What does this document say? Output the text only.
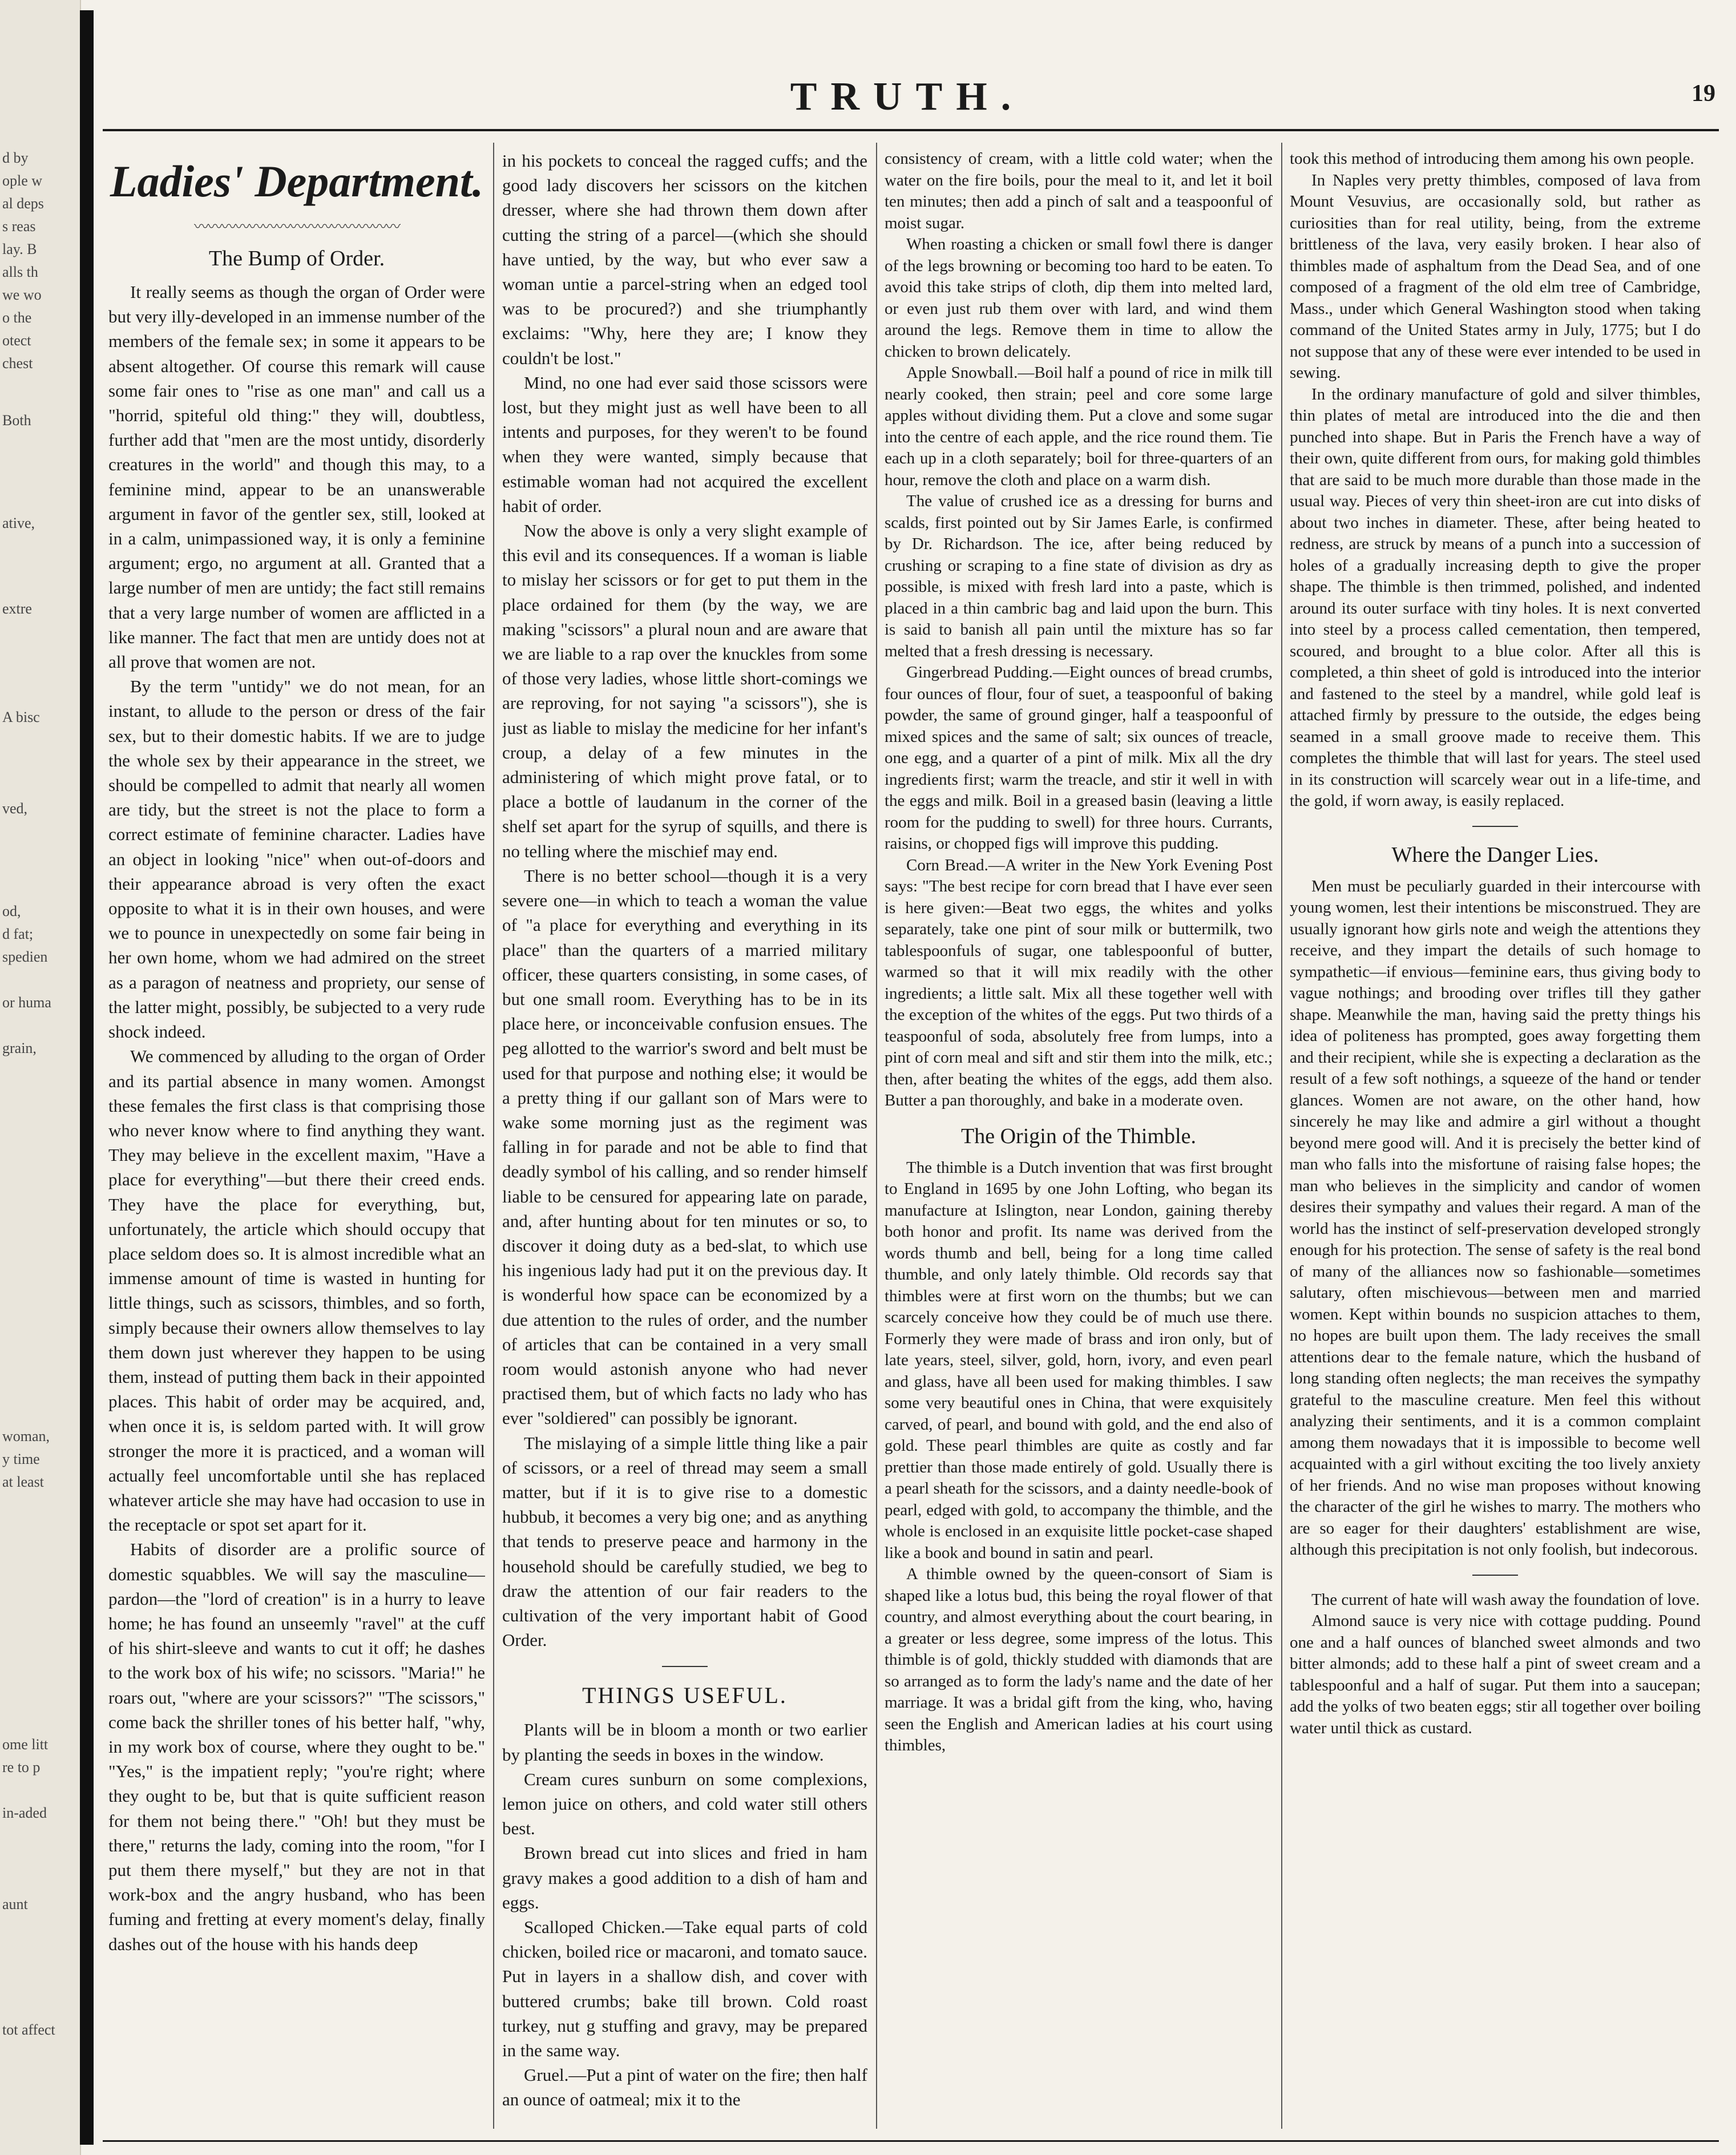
d by
ople w
al deps
s reas
lay. B
alls th
we wo
o the
otect
chest
Both
ative,
extre
A bisc
ved,
od,
d fat;
spedien
or huma
grain,
woman,
y time
at least
ome litt
re to p
in-aded
aunt
tot affect
TRUTH.	19
Ladies' Department.
〰〰〰〰〰〰〰〰〰〰〰〰〰〰〰
The Bump of Order.

It really seems as though the organ of Order were but very illy-developed in an immense number of the members of the female sex; in some it appears to be absent altogether. Of course this remark will cause some fair ones to "rise as one man" and call us a "horrid, spiteful old thing:" they will, doubtless, further add that "men are the most untidy, disorderly creatures in the world" and though this may, to a feminine mind, appear to be an unanswerable argument in favor of the gentler sex, still, looked at in a calm, unimpassioned way, it is only a feminine argument; ergo, no argument at all. Granted that a large number of men are untidy; the fact still remains that a very large number of women are afflicted in a like manner. The fact that men are untidy does not at all prove that women are not.

By the term "untidy" we do not mean, for an instant, to allude to the person or dress of the fair sex, but to their domestic habits. If we are to judge the whole sex by their appearance in the street, we should be compelled to admit that nearly all women are tidy, but the street is not the place to form a correct estimate of feminine character. Ladies have an object in looking "nice" when out-of-doors and their appearance abroad is very often the exact opposite to what it is in their own houses, and were we to pounce in unexpectedly on some fair being in her own home, whom we had admired on the street as a paragon of neatness and propriety, our sense of the latter might, possibly, be subjected to a very rude shock indeed.

We commenced by alluding to the organ of Order and its partial absence in many women. Amongst these females the first class is that comprising those who never know where to find anything they want. They may believe in the excellent maxim, "Have a place for everything"—but there their creed ends. They have the place for everything, but, unfortunately, the article which should occupy that place seldom does so. It is almost incredible what an immense amount of time is wasted in hunting for little things, such as scissors, thimbles, and so forth, simply because their owners allow themselves to lay them down just wherever they happen to be using them, instead of putting them back in their appointed places. This habit of order may be acquired, and, when once it is, is seldom parted with. It will grow stronger the more it is practiced, and a woman will actually feel uncomfortable until she has replaced whatever article she may have had occasion to use in the receptacle or spot set apart for it.

Habits of disorder are a prolific source of domestic squabbles. We will say the masculine—pardon—the "lord of creation" is in a hurry to leave home; he has found an unseemly "ravel" at the cuff of his shirt-sleeve and wants to cut it off; he dashes to the work box of his wife; no scissors. "Maria!" he roars out, "where are your scissors?" "The scissors," come back the shriller tones of his better half, "why, in my work box of course, where they ought to be." "Yes," is the impatient reply; "you're right; where they ought to be, but that is quite sufficient reason for them not being there." "Oh! but they must be there," returns the lady, coming into the room, "for I put them there myself," but they are not in that work-box and the angry husband, who has been fuming and fretting at every moment's delay, finally dashes out of the house with his hands deep

in his pockets to conceal the ragged cuffs; and the good lady discovers her scissors on the kitchen dresser, where she had thrown them down after cutting the string of a parcel—(which she should have untied, by the way, but who ever saw a woman untie a parcel-string when an edged tool was to be procured?) and she triumphantly exclaims: "Why, here they are; I know they couldn't be lost."

Mind, no one had ever said those scissors were lost, but they might just as well have been to all intents and purposes, for they weren't to be found when they were wanted, simply because that estimable woman had not acquired the excellent habit of order.

Now the above is only a very slight example of this evil and its consequences. If a woman is liable to mislay her scissors or for get to put them in the place ordained for them (by the way, we are making "scissors" a plural noun and are aware that we are liable to a rap over the knuckles from some of those very ladies, whose little short-comings we are reproving, for not saying "a scissors"), she is just as liable to mislay the medicine for her infant's croup, a delay of a few minutes in the administering of which might prove fatal, or to place a bottle of laudanum in the corner of the shelf set apart for the syrup of squills, and there is no telling where the mischief may end.

There is no better school—though it is a very severe one—in which to teach a woman the value of "a place for everything and everything in its place" than the quarters of a married military officer, these quarters consisting, in some cases, of but one small room. Everything has to be in its place here, or inconceivable confusion ensues. The peg allotted to the warrior's sword and belt must be used for that purpose and nothing else; it would be a pretty thing if our gallant son of Mars were to wake some morning just as the regiment was falling in for parade and not be able to find that deadly symbol of his calling, and so render himself liable to be censured for appearing late on parade, and, after hunting about for ten minutes or so, to discover it doing duty as a bed-slat, to which use his ingenious lady had put it on the previous day. It is wonderful how space can be economized by a due attention to the rules of order, and the number of articles that can be contained in a very small room would astonish anyone who had never practised them, but of which facts no lady who has ever "soldiered" can possibly be ignorant.

The mislaying of a simple little thing like a pair of scissors, or a reel of thread may seem a small matter, but if it is to give rise to a domestic hubbub, it becomes a very big one; and as anything that tends to preserve peace and harmony in the household should be carefully studied, we beg to draw the attention of our fair readers to the cultivation of the very important habit of Good Order.

THINGS USEFUL.

Plants will be in bloom a month or two earlier by planting the seeds in boxes in the window.

Cream cures sunburn on some complexions, lemon juice on others, and cold water still others best.

Brown bread cut into slices and fried in ham gravy makes a good addition to a dish of ham and eggs.

Scalloped Chicken.—Take equal parts of cold chicken, boiled rice or macaroni, and tomato sauce. Put in layers in a shallow dish, and cover with buttered crumbs; bake till brown. Cold roast turkey, nut g stuffing and gravy, may be prepared in the same way.

Gruel.—Put a pint of water on the fire; then half an ounce of oatmeal; mix it to the

consistency of cream, with a little cold water; when the water on the fire boils, pour the meal to it, and let it boil ten minutes; then add a pinch of salt and a teaspoonful of moist sugar.

When roasting a chicken or small fowl there is danger of the legs browning or becoming too hard to be eaten. To avoid this take strips of cloth, dip them into melted lard, or even just rub them over with lard, and wind them around the legs. Remove them in time to allow the chicken to brown delicately.

Apple Snowball.—Boil half a pound of rice in milk till nearly cooked, then strain; peel and core some large apples without dividing them. Put a clove and some sugar into the centre of each apple, and the rice round them. Tie each up in a cloth separately; boil for three-quarters of an hour, remove the cloth and place on a warm dish.

The value of crushed ice as a dressing for burns and scalds, first pointed out by Sir James Earle, is confirmed by Dr. Richardson. The ice, after being reduced by crushing or scraping to a fine state of division as dry as possible, is mixed with fresh lard into a paste, which is placed in a thin cambric bag and laid upon the burn. This is said to banish all pain until the mixture has so far melted that a fresh dressing is necessary.

Gingerbread Pudding.—Eight ounces of bread crumbs, four ounces of flour, four of suet, a teaspoonful of baking powder, the same of ground ginger, half a teaspoonful of mixed spices and the same of salt; six ounces of treacle, one egg, and a quarter of a pint of milk. Mix all the dry ingredients first; warm the treacle, and stir it well in with the eggs and milk. Boil in a greased basin (leaving a little room for the pudding to swell) for three hours. Currants, raisins, or chopped figs will improve this pudding.

Corn Bread.—A writer in the New York Evening Post says: "The best recipe for corn bread that I have ever seen is here given:—Beat two eggs, the whites and yolks separately, take one pint of sour milk or buttermilk, two tablespoonfuls of sugar, one tablespoonful of butter, warmed so that it will mix readily with the other ingredients; a little salt. Mix all these together well with the exception of the whites of the eggs. Put two thirds of a teaspoonful of soda, absolutely free from lumps, into a pint of corn meal and sift and stir them into the milk, etc.; then, after beating the whites of the eggs, add them also. Butter a pan thoroughly, and bake in a moderate oven.

The Origin of the Thimble.

The thimble is a Dutch invention that was first brought to England in 1695 by one John Lofting, who began its manufacture at Islington, near London, gaining thereby both honor and profit. Its name was derived from the words thumb and bell, being for a long time called thumble, and only lately thimble. Old records say that thimbles were at first worn on the thumbs; but we can scarcely conceive how they could be of much use there. Formerly they were made of brass and iron only, but of late years, steel, silver, gold, horn, ivory, and even pearl and glass, have all been used for making thimbles. I saw some very beautiful ones in China, that were exquisitely carved, of pearl, and bound with gold, and the end also of gold. These pearl thimbles are quite as costly and far prettier than those made entirely of gold. Usually there is a pearl sheath for the scissors, and a dainty needle-book of pearl, edged with gold, to accompany the thimble, and the whole is enclosed in an exquisite little pocket-case shaped like a book and bound in satin and pearl.

A thimble owned by the queen-consort of Siam is shaped like a lotus bud, this being the royal flower of that country, and almost everything about the court bearing, in a greater or less degree, some impress of the lotus. This thimble is of gold, thickly studded with diamonds that are so arranged as to form the lady's name and the date of her marriage. It was a bridal gift from the king, who, having seen the English and American ladies at his court using thimbles,

took this method of introducing them among his own people.

In Naples very pretty thimbles, composed of lava from Mount Vesuvius, are occasionally sold, but rather as curiosities than for real utility, being, from the extreme brittleness of the lava, very easily broken. I hear also of thimbles made of asphaltum from the Dead Sea, and of one composed of a fragment of the old elm tree of Cambridge, Mass., under which General Washington stood when taking command of the United States army in July, 1775; but I do not suppose that any of these were ever intended to be used in sewing.

In the ordinary manufacture of gold and silver thimbles, thin plates of metal are introduced into the die and then punched into shape. But in Paris the French have a way of their own, quite different from ours, for making gold thimbles that are said to be much more durable than those made in the usual way. Pieces of very thin sheet-iron are cut into disks of about two inches in diameter. These, after being heated to redness, are struck by means of a punch into a succession of holes of a gradually increasing depth to give the proper shape. The thimble is then trimmed, polished, and indented around its outer surface with tiny holes. It is next converted into steel by a process called cementation, then tempered, scoured, and brought to a blue color. After all this is completed, a thin sheet of gold is introduced into the interior and fastened to the steel by a mandrel, while gold leaf is attached firmly by pressure to the outside, the edges being seamed in a small groove made to receive them. This completes the thimble that will last for years. The steel used in its construction will scarcely wear out in a life-time, and the gold, if worn away, is easily replaced.

Where the Danger Lies.

Men must be peculiarly guarded in their intercourse with young women, lest their intentions be misconstrued. They are usually ignorant how girls note and weigh the attentions they receive, and they impart the details of such homage to sympathetic—if envious—feminine ears, thus giving body to vague nothings; and brooding over trifles till they gather shape. Meanwhile the man, having said the pretty things his idea of politeness has prompted, goes away forgetting them and their recipient, while she is expecting a declaration as the result of a few soft nothings, a squeeze of the hand or tender glances. Women are not aware, on the other hand, how sincerely he may like and admire a girl without a thought beyond mere good will. And it is precisely the better kind of man who falls into the misfortune of raising false hopes; the man who believes in the simplicity and candor of women desires their sympathy and values their regard. A man of the world has the instinct of self-preservation developed strongly enough for his protection. The sense of safety is the real bond of many of the alliances now so fashionable—sometimes salutary, often mischievous—between men and married women. Kept within bounds no suspicion attaches to them, no hopes are built upon them. The lady receives the small attentions dear to the female nature, which the husband of long standing often neglects; the man receives the sympathy grateful to the masculine creature. Men feel this without analyzing their sentiments, and it is a common complaint among them nowadays that it is impossible to become well acquainted with a girl without exciting the too lively anxiety of her friends. And no wise man proposes without knowing the character of the girl he wishes to marry. The mothers who are so eager for their daughters' establishment are wise, although this precipitation is not only foolish, but indecorous.

The current of hate will wash away the foundation of love.

Almond sauce is very nice with cottage pudding. Pound one and a half ounces of blanched sweet almonds and two bitter almonds; add to these half a pint of sweet cream and a tablespoonful and a half of sugar. Put them into a saucepan; add the yolks of two beaten eggs; stir all together over boiling water until thick as custard.
